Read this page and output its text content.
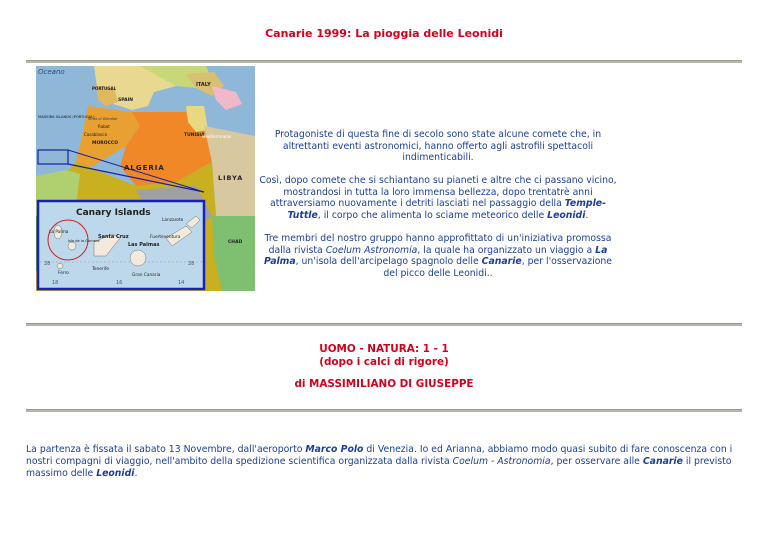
Canarie 1999: La pioggia delle Leonidi
Oceano
PORTUGAL
SPAIN
Rabat
Casablanca
MOROCCO
MADEIRA ISLANDS (PORTUGAL)
Strait of Gibraltar
ALGERIA
TUNISIA
ITALY
LIBYA
CHAD
Mediterranean
Canary Islands
La Palma
Isla de la Gomera
Santa Cruz
Las Palmas
Lanzarote
Fuerteventura
Tenerife
Ferro	Gran Canaria
28	28
18	16	14

Protagoniste di questa fine di secolo sono state alcune comete che, in altrettanti eventi astronomici, hanno offerto agli astrofili spettacoli indimenticabili.

Così, dopo comete che si schiantano su pianeti e altre che ci passano vicino, mostrandosi in tutta la loro immensa bellezza, dopo trentatrè anni attraversiamo nuovamente i detriti lasciati nel passaggio della Temple-Tuttle, il corpo che alimenta lo sciame meteorico delle Leonidi.

Tre membri del nostro gruppo hanno approfittato di un'iniziativa promossa dalla rivista Coelum Astronomia, la quale ha organizzato un viaggio a La Palma, un'isola dell'arcipelago spagnolo delle Canarie, per l'osservazione del picco delle Leonidi..

UOMO - NATURA: 1 - 1
(dopo i calci di rigore)
di MASSIMILIANO DI GIUSEPPE
La partenza è fissata il sabato 13 Novembre, dall'aeroporto Marco Polo di Venezia. Io ed Arianna, abbiamo modo quasi subito di fare conoscenza con i nostri compagni di viaggio, nell'ambito della spedizione scientifica organizzata dalla rivista Coelum - Astronomia, per osservare alle Canarie il previsto massimo delle Leonidi.
